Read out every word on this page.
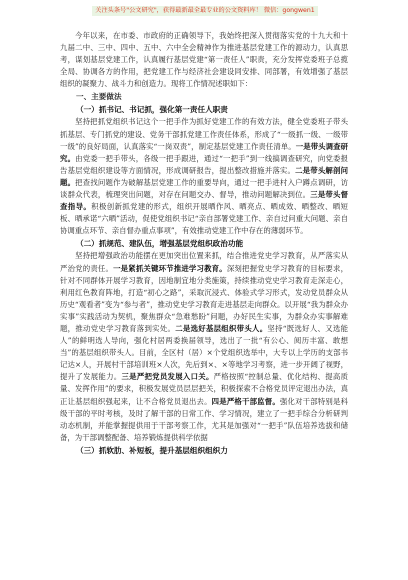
关注头条号"公文研究"，获得最新最全最专业的公文资料库！ 微信：gongwen1

今年以来，在市委、市政府的正确领导下，我始终把深入贯彻落实党的十九大和十九届二中、三中、四中、五中、六中全会精神作为推进基层党建工作的源动力，认真思考，谋划基层党建工作，认真履行基层党建“第一责任人”职责，充分发挥党委班子总揽全局、协调各方的作用，把党建工作与经济社会建设同安排、同部署，有效增强了基层组织的凝聚力、战斗力和创造力。现将工作情况述职如下：

一、主要做法

（一）抓书记、书记抓，强化第一责任人职责

坚持把抓党组织书记这个一把手作为抓好党建工作的有效方法，健全党委班子带头抓基层、专门抓党的建设、党务干部抓党建工作责任体系，形成了“一级抓一级、一级带一级”的良好局面，认真落实“一岗双责”，制定基层党建工作责任清单。一是带头调查研究。由党委一把手带头，各级一把手跟进，通过“一把手”到一线搞调查研究，向党委报告基层党组织建设等方面情况，形成调研报告，提出整改措施并落实。二是带头解剖问题。把查找问题作为破解基层党建工作的重要导向，通过一把手进村入户蹲点调研，访谈群众代表，梳理突出问题，对存在问题交办、督导，推动问题解决到位。三是带头督查指导。积极创新抓党建的形式，组织开展晒作风、晒亮点、晒成效、晒整改、晒短板、晒承诺“六晒”活动，促使党组织书记“亲自部署党建工作、亲自过问重大问题、亲自协调重点环节、亲自督办重点事项”，有效推动党建工作中存在的薄弱环节。

（二）抓规范、建队伍，增强基层党组织政治功能

坚持把增强政治功能摆在更加突出位置来抓，结合推进党史学习教育，从严落实从严治党的责任。一是紧抓关键环节推进学习教育。深刻把握党史学习教育的目标要求，针对不同群体开展学习教育，因地制宜地分类施策，持续推动党史学习教育走深走心，利用红色教育阵地，打造“初心之路”，采取沉浸式、体验式学习形式，发动党员群众从历史“观看者”变为“参与者”，推动党史学习教育走进基层走向群众。以开展“我为群众办实事”实践活动为契机，聚焦群众“急难愁盼”问题，办好民生实事，为群众办实事解难题，推动党史学习教育落到实处。二是选好基层组织带头人。坚持“既选好人、又选能人”的鲜明选人导向，强化村居两委换届领导，选出了一批“有公心、阅历丰富、敢想当”的基层组织带头人。目前，全区村（居）×个党组织选举中，大专以上学历的支部书记达×人，开展村干部培训班×人次，先后到×、×等地学习考察，进一步开阔了视野，提升了发展能力。三是严把党员发展入口关。严格按照“控制总量、优化结构、提高质量、发挥作用”的要求，积极发展党员层层把关，积极探索不合格党员评定退出办法，真正让基层组织强起来，让不合格党员退出去。四是严格干部监督。强化对干部特别是科级干部的平时考核，及时了解干部的日常工作、学习情况，建立了一把手综合分析研判动态机制，并能掌握提供用于干部考察工作，尤其是加强对“一把手”队伍培养选拔和储备，为干部调整配备、培养锻炼提供科学依据

（三）抓软肋、补短板，提升基层组织组织力
